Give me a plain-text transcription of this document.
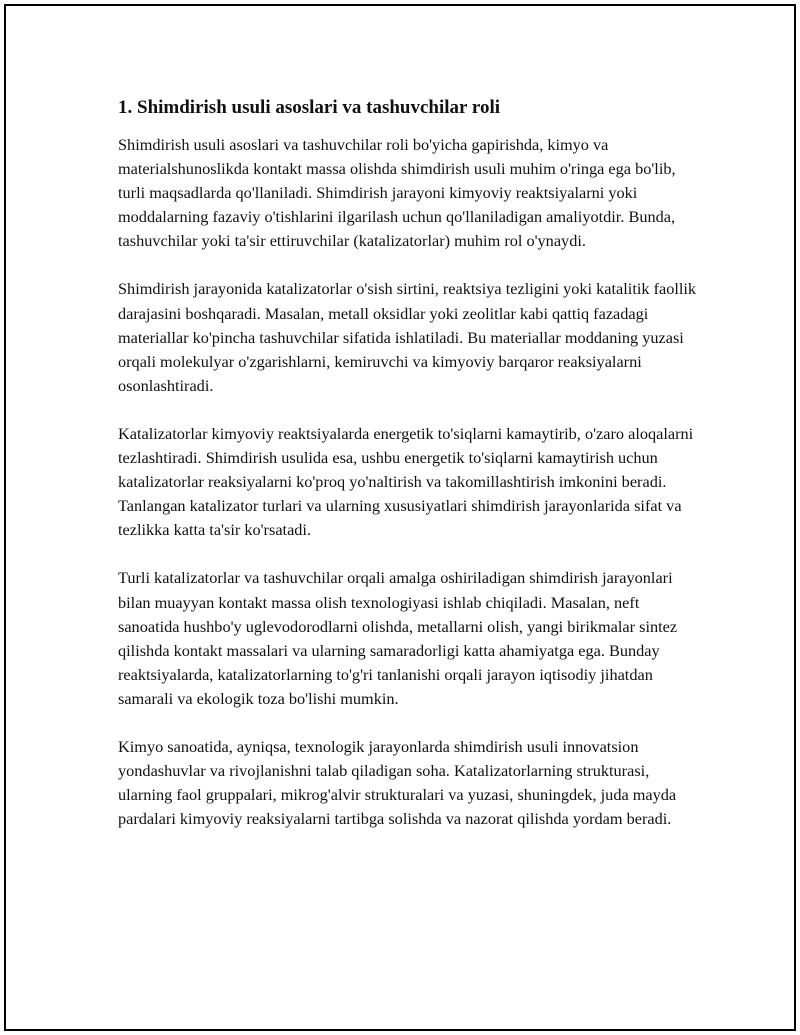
1. Shimdirish usuli asoslari va tashuvchilar roli

Shimdirish usuli asoslari va tashuvchilar roli bo'yicha gapirishda, kimyo va materialshunoslikda kontakt massa olishda shimdirish usuli muhim o'ringa ega bo'lib, turli maqsadlarda qo'llaniladi. Shimdirish jarayoni kimyoviy reaktsiyalarni yoki moddalarning fazaviy o'tishlarini ilgarilash uchun qo'llaniladigan amaliyotdir. Bunda, tashuvchilar yoki ta'sir ettiruvchilar (katalizatorlar) muhim rol o'ynaydi.

Shimdirish jarayonida katalizatorlar o'sish sirtini, reaktsiya tezligini yoki katalitik faollik darajasini boshqaradi. Masalan, metall oksidlar yoki zeolitlar kabi qattiq fazadagi materiallar ko'pincha tashuvchilar sifatida ishlatiladi. Bu materiallar moddaning yuzasi orqali molekulyar o'zgarishlarni, kemiruvchi va kimyoviy barqaror reaksiyalarni osonlashtiradi.

Katalizatorlar kimyoviy reaktsiyalarda energetik to'siqlarni kamaytirib, o'zaro aloqalarni tezlashtiradi. Shimdirish usulida esa, ushbu energetik to'siqlarni kamaytirish uchun katalizatorlar reaksiyalarni ko'proq yo'naltirish va takomillashtirish imkonini beradi. Tanlangan katalizator turlari va ularning xususiyatlari shimdirish jarayonlarida sifat va tezlikka katta ta'sir ko'rsatadi.

Turli katalizatorlar va tashuvchilar orqali amalga oshiriladigan shimdirish jarayonlari bilan muayyan kontakt massa olish texnologiyasi ishlab chiqiladi. Masalan, neft sanoatida hushbo'y uglevodorodlarni olishda, metallarni olish, yangi birikmalar sintez qilishda kontakt massalari va ularning samaradorligi katta ahamiyatga ega. Bunday reaktsiyalarda, katalizatorlarning to'g'ri tanlanishi orqali jarayon iqtisodiy jihatdan samarali va ekologik toza bo'lishi mumkin.

Kimyo sanoatida, ayniqsa, texnologik jarayonlarda shimdirish usuli innovatsion yondashuvlar va rivojlanishni talab qiladigan soha. Katalizatorlarning strukturasi, ularning faol gruppalari, mikrog'alvir strukturalari va yuzasi, shuningdek, juda mayda pardalari kimyoviy reaksiyalarni tartibga solishda va nazorat qilishda yordam beradi.
